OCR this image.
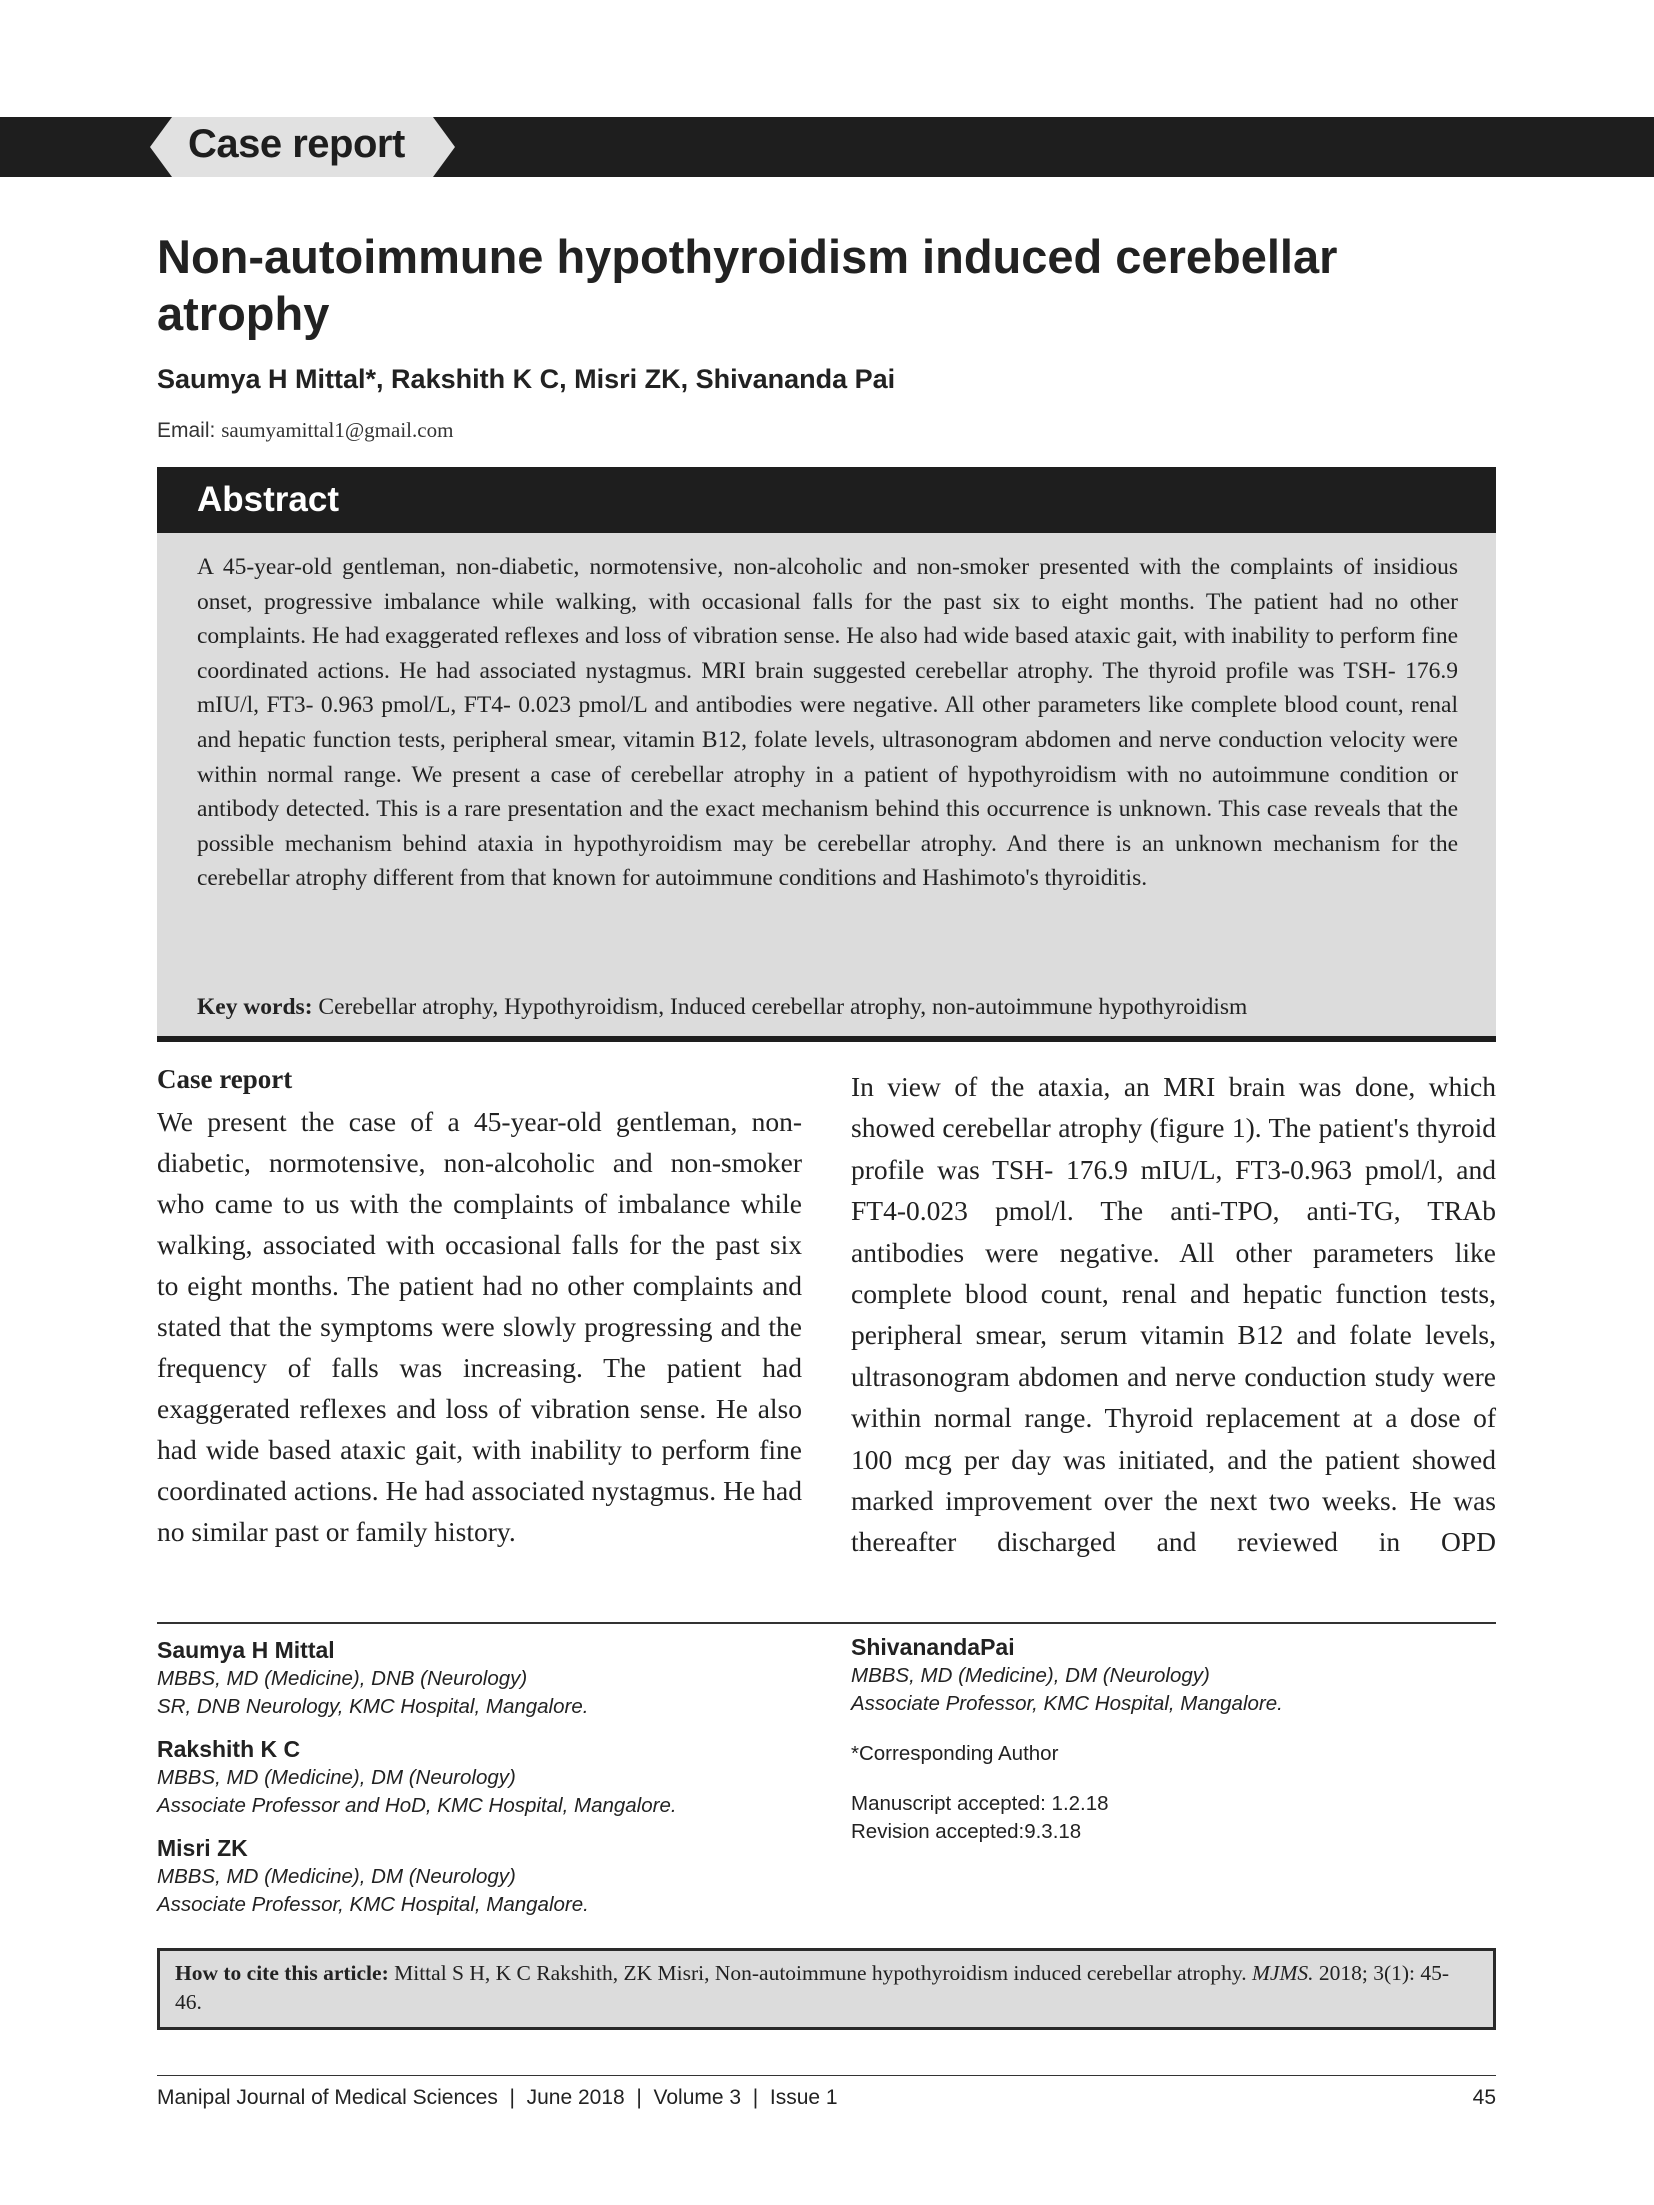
Case report
Non-autoimmune hypothyroidism induced cerebellar atrophy
Saumya H Mittal*, Rakshith K C, Misri ZK, Shivananda Pai
Email: saumyamittal1@gmail.com
Abstract

A 45-year-old gentleman, non-diabetic, normotensive, non-alcoholic and non-smoker presented with the complaints of insidious onset, progressive imbalance while walking, with occasional falls for the past six to eight months. The patient had no other complaints. He had exaggerated reflexes and loss of vibration sense. He also had wide based ataxic gait, with inability to perform fine coordinated actions. He had associated nystagmus. MRI brain suggested cerebellar atrophy. The thyroid profile was TSH- 176.9 mIU/l, FT3- 0.963 pmol/L, FT4- 0.023 pmol/L and antibodies were negative. All other parameters like complete blood count, renal and hepatic function tests, peripheral smear, vitamin B12, folate levels, ultrasonogram abdomen and nerve conduction velocity were within normal range. We present a case of cerebellar atrophy in a patient of hypothyroidism with no autoimmune condition or antibody detected. This is a rare presentation and the exact mechanism behind this occurrence is unknown. This case reveals that the possible mechanism behind ataxia in hypothyroidism may be cerebellar atrophy. And there is an unknown mechanism for the cerebellar atrophy different from that known for autoimmune conditions and Hashimoto's thyroiditis.

Key words: Cerebellar atrophy, Hypothyroidism, Induced cerebellar atrophy, non-autoimmune hypothyroidism

Case report

We present the case of a 45-year-old gentleman, non-diabetic, normotensive, non-alcoholic and non-smoker who came to us with the complaints of imbalance while walking, associated with occasional falls for the past six to eight months. The patient had no other complaints and stated that the symptoms were slowly progressing and the frequency of falls was increasing. The patient had exaggerated reflexes and loss of vibration sense. He also had wide based ataxic gait, with inability to perform fine coordinated actions. He had associated nystagmus. He had no similar past or family history.

In view of the ataxia, an MRI brain was done, which showed cerebellar atrophy (figure 1). The patient's thyroid profile was TSH- 176.9 mIU/L, FT3-0.963 pmol/l, and FT4-0.023 pmol/l. The anti-TPO, anti-TG, TRAb antibodies were negative. All other parameters like complete blood count, renal and hepatic function tests, peripheral smear, serum vitamin B12 and folate levels, ultrasonogram abdomen and nerve conduction study were within normal range. Thyroid replacement at a dose of 100 mcg per day was initiated, and the patient showed marked improvement over the next two weeks. He was thereafter discharged and reviewed in OPD

Saumya H Mittal
MBBS, MD (Medicine), DNB (Neurology)
SR, DNB Neurology, KMC Hospital, Mangalore.
Rakshith K C
MBBS, MD (Medicine), DM (Neurology)
Associate Professor and HoD, KMC Hospital, Mangalore.
Misri ZK
MBBS, MD (Medicine), DM (Neurology)
Associate Professor, KMC Hospital, Mangalore.
ShivanandaPai
MBBS, MD (Medicine), DM (Neurology)
Associate Professor, KMC Hospital, Mangalore.
*Corresponding Author
Manuscript accepted: 1.2.18
Revision accepted:9.3.18

How to cite this article: Mittal S H, K C Rakshith, ZK Misri, Non-autoimmune hypothyroidism induced cerebellar atrophy. MJMS. 2018; 3(1): 45-46.

Manipal Journal of Medical Sciences  |  June 2018  |  Volume 3  |  Issue 1	45
